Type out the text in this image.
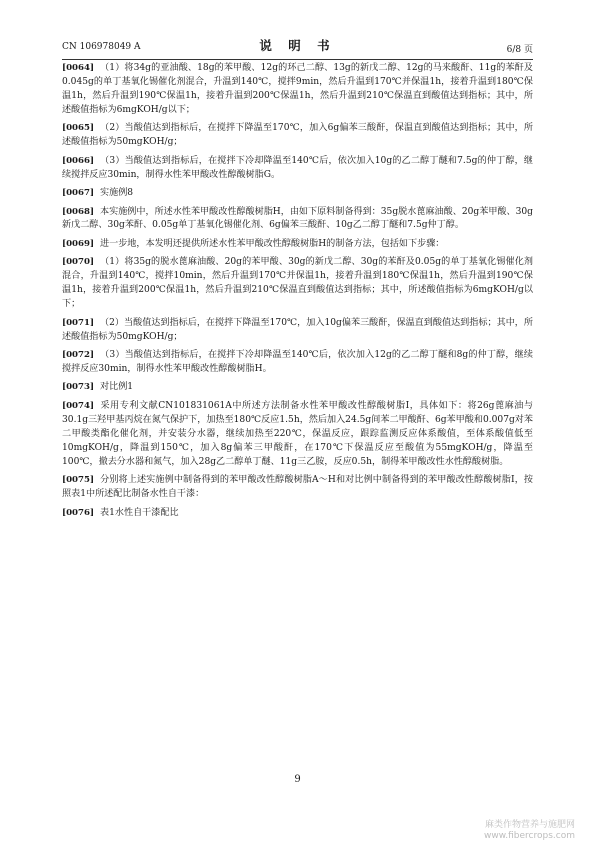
CN 106978049 A	说 明 书	6/8 页

[0064] （1）将34g的亚油酸、18g的苯甲酸、12g的环己二醇、13g的新戊二醇、12g的马来酸酐、11g的苯酐及0.045g的单丁基氧化锡催化剂混合，升温到140℃，搅拌9min，然后升温到170℃并保温1h，接着升温到180℃保温1h，然后升温到190℃保温1h，接着升温到200℃保温1h，然后升温到210℃保温直到酸值达到指标；其中，所述酸值指标为6mgKOH/g以下；

[0065] （2）当酸值达到指标后，在搅拌下降温至170℃，加入6g偏苯三酸酐，保温直到酸值达到指标；其中，所述酸值指标为50mgKOH/g；

[0066] （3）当酸值达到指标后，在搅拌下冷却降温至140℃后，依次加入10g的乙二醇丁醚和7.5g的仲丁醇，继续搅拌反应30min，制得水性苯甲酸改性醇酸树脂G。

[0067] 实施例8

[0068] 本实施例中，所述水性苯甲酸改性醇酸树脂H，由如下原料制备得到：35g脱水蓖麻油酸、20g苯甲酸、30g新戊二醇、30g苯酐、0.05g单丁基氧化锡催化剂、6g偏苯三酸酐、10g乙二醇丁醚和7.5g仲丁醇。

[0069] 进一步地，本发明还提供所述水性苯甲酸改性醇酸树脂H的制备方法，包括如下步骤：

[0070] （1）将35g的脱水蓖麻油酸、20g的苯甲酸、30g的新戊二醇、30g的苯酐及0.05g的单丁基氧化锡催化剂混合，升温到140℃，搅拌10min，然后升温到170℃并保温1h，接着升温到180℃保温1h，然后升温到190℃保温1h，接着升温到200℃保温1h，然后升温到210℃保温直到酸值达到指标；其中，所述酸值指标为6mgKOH/g以下；

[0071] （2）当酸值达到指标后，在搅拌下降温至170℃，加入10g偏苯三酸酐，保温直到酸值达到指标；其中，所述酸值指标为50mgKOH/g；

[0072] （3）当酸值达到指标后，在搅拌下冷却降温至140℃后，依次加入12g的乙二醇丁醚和8g的仲丁醇，继续搅拌反应30min，制得水性苯甲酸改性醇酸树脂H。

[0073] 对比例1

[0074] 采用专利文献CN101831061A中所述方法制备水性苯甲酸改性醇酸树脂I，具体如下：将26g蓖麻油与30.1g三羟甲基丙烷在氮气保护下，加热至180℃反应1.5h，然后加入24.5g间苯二甲酸酐、6g苯甲酸和0.007g对苯二甲酸类酯化催化剂，并安装分水器，继续加热至220℃，保温反应，跟踪监测反应体系酸值，至体系酸值低至10mgKOH/g，降温到150℃，加入8g偏苯三甲酸酐，在170℃下保温反应至酸值为55mgKOH/g，降温至100℃，撤去分水器和氮气，加入28g乙二醇单丁醚、11g三乙胺，反应0.5h，制得苯甲酸改性水性醇酸树脂。

[0075] 分别将上述实施例中制备得到的苯甲酸改性醇酸树脂A～H和对比例中制备得到的苯甲酸改性醇酸树脂I，按照表1中所述配比制备水性自干漆：

[0076] 表1水性自干漆配比

9
麻类作物营养与施肥网
www.fibercrops.com
